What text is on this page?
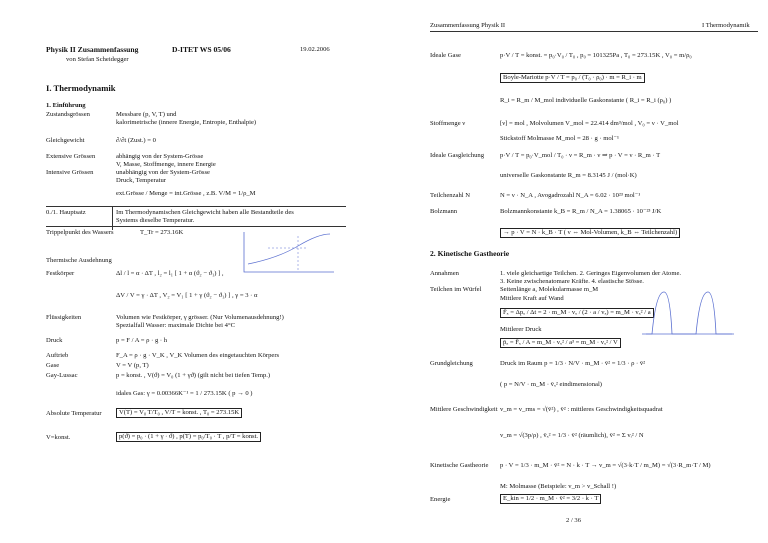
Physik II Zusammenfassung	D-ITET WS 05/06	19.02.2006
von Stefan Scheidegger
I. Thermodynamik
1. Einführung
Zustandsgrössen	Messbare (p, V, T) und
kalorimetrische (innere Energie, Entropie, Enthalpie)
Gleichgewicht	∂/∂t (Zust.) = 0
Extensive Grössen	abhängig von der System-Grösse
V, Masse, Stoffmenge, innere Energie
Intensive Grössen	unabhängig von der System-Grösse
Druck, Temperatur
ext.Grösse / Menge = int.Grösse , z.B. V/M = 1/ρ_M
0./1. Hauptsatz	Im Thermodynamischen Gleichgewicht haben alle Bestandteile des
Systems dieselbe Temperatur.
Trippelpunkt des Wassers	T_Tr = 273.16K
Thermische Ausdehnung
Festkörper	Δl / l = α · ΔT , l₂ = l₁ [ 1 + α (ϑ₂ − ϑ₁) ] ,
ΔV / V = γ · ΔT , V₂ = V₁ [ 1 + γ (ϑ₂ − ϑ₁) ] , γ = 3 · α
Flüssigkeiten	Volumen wie Festkörper, γ grösser. (Nur Volumenausdehnung!)
Spezialfall Wasser: maximale Dichte bei 4°C
Druck	p = F / A = ρ · g · h
Auftrieb	F_A = ρ · g · V_K , V_K Volumen des eingetauchten Körpers
Gase	V = V (p, T)
Gay-Lussac	p = konst. , V(ϑ) = V₀ (1 + γϑ) (gilt nicht bei tiefen Temp.)
idales Gas: γ = 0.00366K⁻¹ = 1 / 273.15K ( p → 0 )
Absolute Temperatur	V(T) = V₀ T/T₀ , V/T = konst. , T₀ = 273.15K
V=konst.	p(ϑ) = p₀ · (1 + γ · ϑ) , p(T) = p₀/T₀ · T , p/T = konst.
Zusammenfassung Physik II	I Thermodynamik
Ideale Gase	p·V / T = konst. = p₀·V₀ / T₀ , p₀ = 101325Pa , T₀ = 273.15K , V₀ = m/ρ₀
Boyle-Mariotte p·V / T = p₀ / (T₀ · ρ₀) · m = R_i · m
R_i = R_m / M_mol individuelle Gaskonstante ( R_i = R_i (ρ₀) )
Stoffmenge ν	[ν] = mol , Molvolumen V_mol = 22.414 dm³/mol , V₀ = ν · V_mol
Stickstoff Molmasse M_mol = 28 · g · mol⁻¹
Ideale Gasgleichung p·V / T = p₀·V_mol / T₀ · ν = R_m · ν ⇒ p · V = ν · R_m · T
universelle Gaskonstante R_m = 8.3145 J / (mol·K)
Teilchenzahl N	N = ν · N_A , Avogadrozahl N_A = 6.02 · 10²³ mol⁻¹
Bolzmann	Bolzmannkonstante k_B = R_m / N_A = 1.38065 · 10⁻²³ J/K
→ p · V = N · k_B · T ( ν ⇔ Mol-Volumen, k_B ⇔ Teilchenzahl)
2. Kinetische Gastheorie
Annahmen	1. viele gleichartige Teilchen. 2. Geringes Eigenvolumen der Atome.
3. Keine zwischenatomare Kräfte. 4. elastische Stösse.
Teilchen im Würfel	Seitenlänge a, Molekularmasse m_M
Mittlere Kraft auf Wand
F̄ₓ = Δpₓ / Δt = 2 · m_M · vₓ / (2 · a / vₓ) = m_M · vₓ² / a
Mittlerer Druck
p̄ₓ = F̄ₓ / A = m_M · vₓ² / a³ = m_M · vₓ² / V
Grundgleichung	Druck im Raum p = 1/3 · N/V · m_M · v̄² = 1/3 · ρ · v̄²
( p = N/V · m_M · v̄ₓ² eindimensional)
Mittlere Geschwindigkeit v_m = v_rms = √(v̄²) , v̄² : mittleres Geschwindigkeitsquadrat
v_m = √(3p/ρ) , v̄ₓ² = 1/3 · v̄² (räumlich), v̄² = Σ vᵢ² / N
Kinetische Gastheorie p · V = 1/3 · m_M · v̄² = N · k · T → v_m = √(3·k·T / m_M) = √(3·R_m·T / M)
M: Molmasse (Beispiele: v_m > v_Schall !)
Energie	E_kin = 1/2 · m_M · v̄² = 3/2 · k · T
2 / 36
